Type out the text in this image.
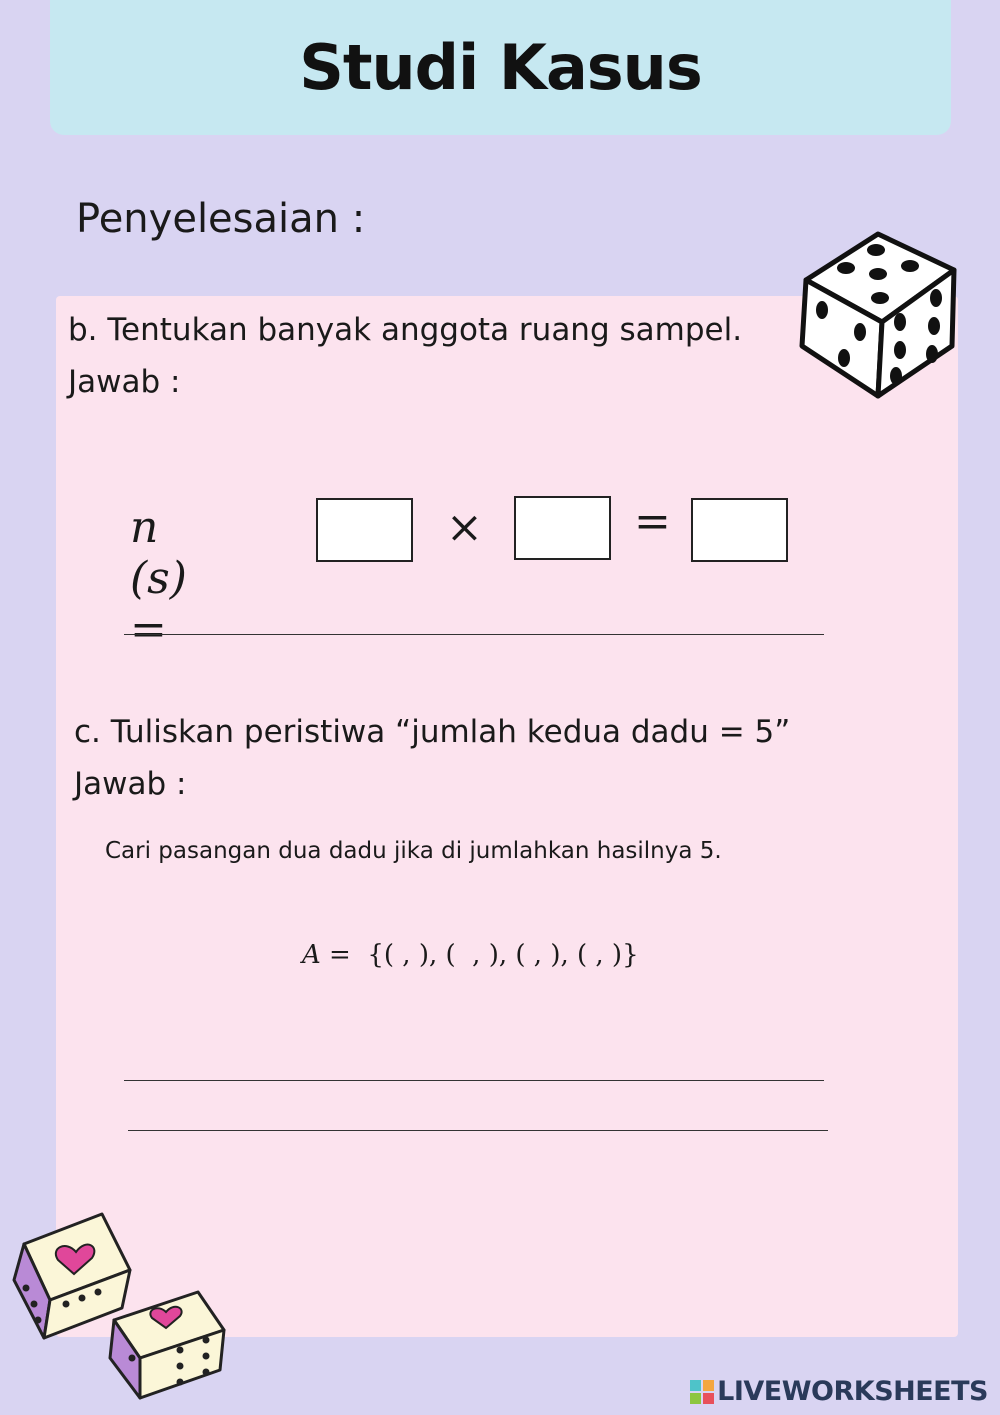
Studi Kasus
Penyelesaian :
b. Tentukan banyak anggota ruang sampel.
Jawab :
n (s) =
×	=
c. Tuliskan peristiwa “jumlah kedua dadu = 5”
Jawab :
Cari pasangan dua dadu jika di jumlahkan hasilnya 5.
A =  {( , ), (  , ), ( , ), ( , )}
LIVEWORKSHEETS
